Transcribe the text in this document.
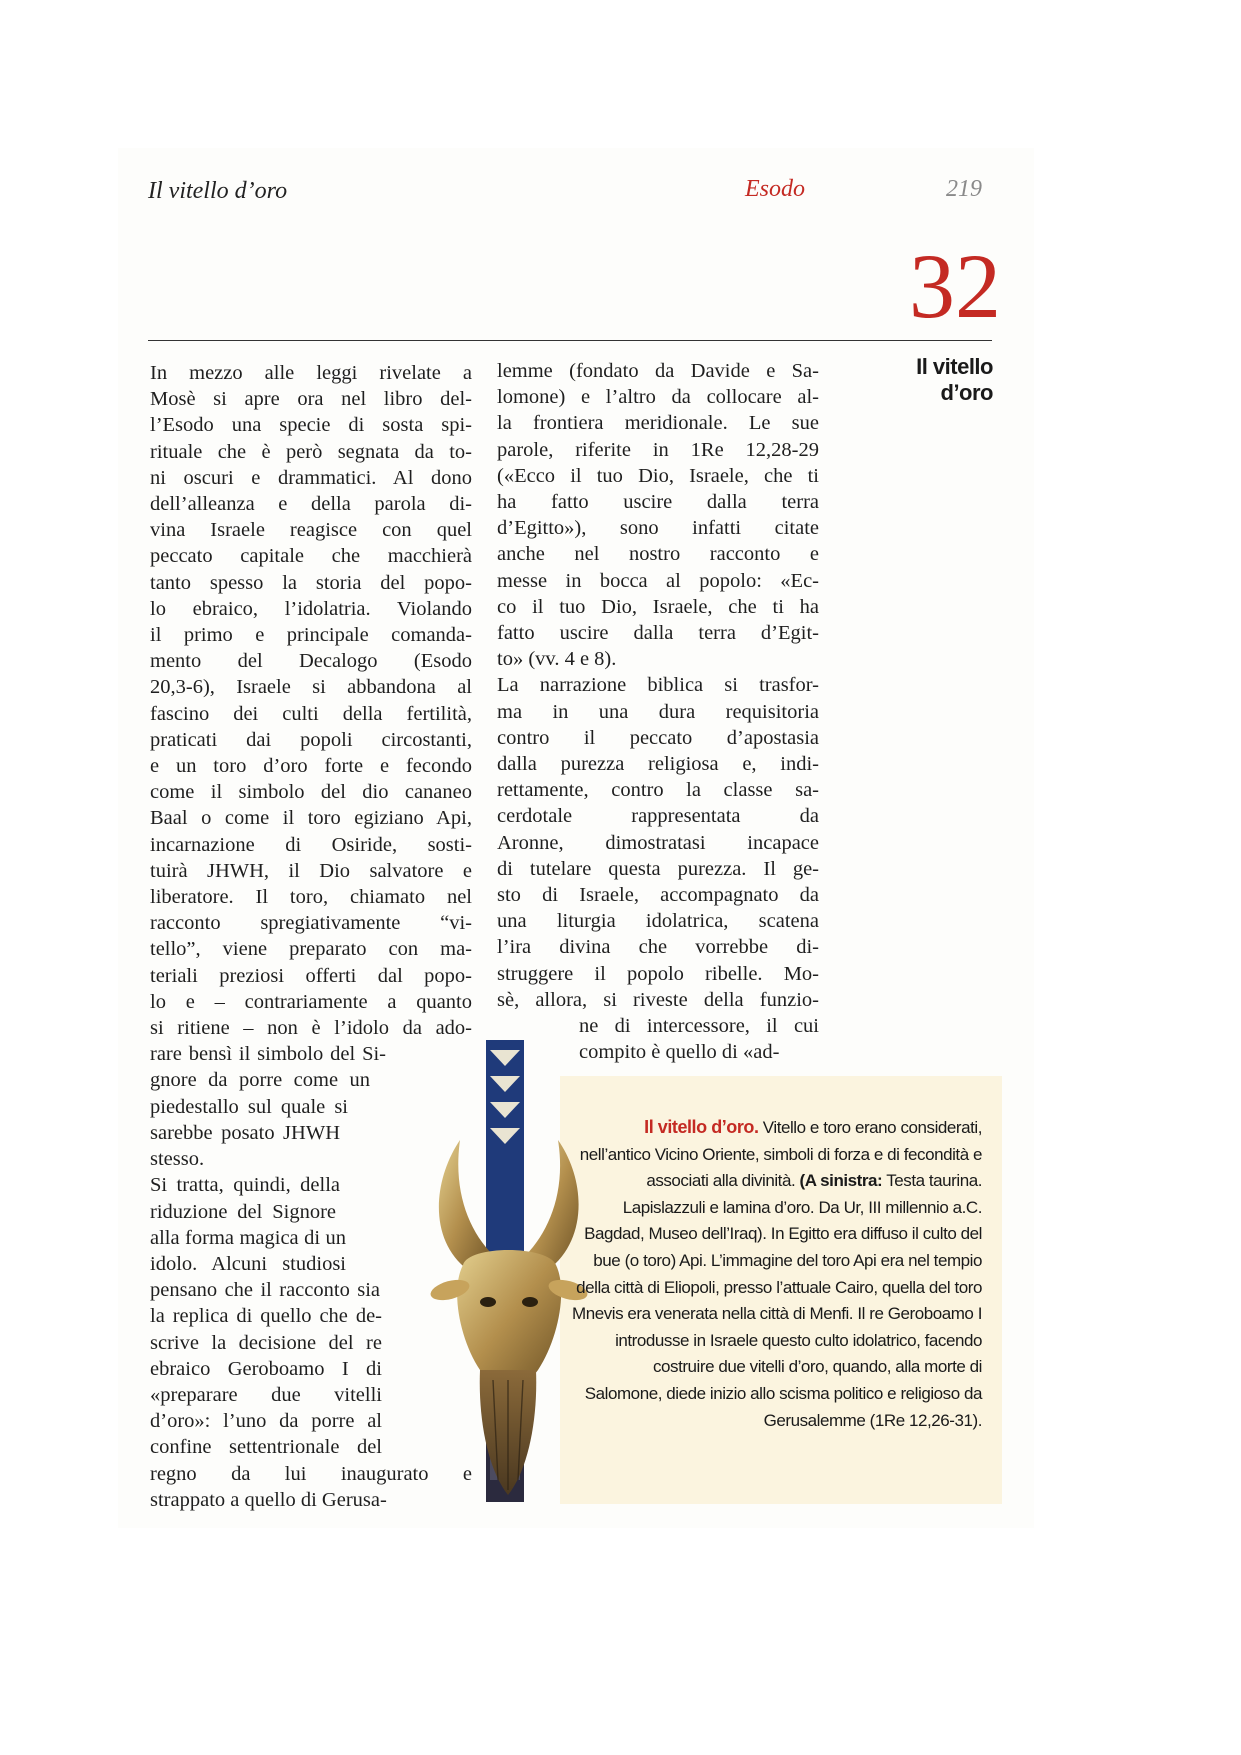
Il vitello d’oro	Esodo	219
32
Il vitello
d’oro
In mezzo alle leggi rivelate a
Mosè si apre ora nel libro del-
l’Esodo una specie di sosta spi-
rituale che è però segnata da to-
ni oscuri e drammatici. Al dono
dell’alleanza e della parola di-
vina Israele reagisce con quel
peccato capitale che macchierà
tanto spesso la storia del popo-
lo ebraico, l’idolatria. Violando
il primo e principale comanda-
mento del Decalogo (Esodo
20,3-6), Israele si abbandona al
fascino dei culti della fertilità,
praticati dai popoli circostanti,
e un toro d’oro forte e fecondo
come il simbolo del dio cananeo
Baal o come il toro egiziano Api,
incarnazione di Osiride, sosti-
tuirà JHWH, il Dio salvatore e
liberatore. Il toro, chiamato nel
racconto spregiativamente “vi-
tello”, viene preparato con ma-
teriali preziosi offerti dal popo-
lo e – contrariamente a quanto
si ritiene – non è l’idolo da ado-
rare bensì il simbolo del Si-
gnore da porre come un
piedestallo sul quale si
sarebbe posato JHWH
stesso.
Si tratta, quindi, della
riduzione del Signore
alla forma magica di un
idolo. Alcuni studiosi
pensano che il racconto sia
la replica di quello che de-
scrive la decisione del re
ebraico Geroboamo I di
«preparare due vitelli
d’oro»: l’uno da porre al
confine settentrionale del
regno da lui inaugurato e
strappato a quello di Gerusa-
lemme (fondato da Davide e Sa-
lomone) e l’altro da collocare al-
la frontiera meridionale. Le sue
parole, riferite in 1Re 12,28-29
(«Ecco il tuo Dio, Israele, che ti
ha fatto uscire dalla terra
d’Egitto»), sono infatti citate
anche nel nostro racconto e
messe in bocca al popolo: «Ec-
co il tuo Dio, Israele, che ti ha
fatto uscire dalla terra d’Egit-
to» (vv. 4 e 8).
La narrazione biblica si trasfor-
ma in una dura requisitoria
contro il peccato d’apostasia
dalla purezza religiosa e, indi-
rettamente, contro la classe sa-
cerdotale rappresentata da
Aronne, dimostratasi incapace
di tutelare questa purezza. Il ge-
sto di Israele, accompagnato da
una liturgia idolatrica, scatena
l’ira divina che vorrebbe di-
struggere il popolo ribelle. Mo-
sè, allora, si riveste della funzio-
ne di intercessore, il cui
compito è quello di «ad-
Il vitello d’oro. Vitello e toro erano considerati, nell’antico Vicino Oriente, simboli di forza e di fecondità e associati alla divinità. (A sinistra: Testa taurina. Lapislazzuli e lamina d’oro. Da Ur, III millennio a.C. Bagdad, Museo dell’Iraq). In Egitto era diffuso il culto del bue (o toro) Api. L’immagine del toro Api era nel tempio della città di Eliopoli, presso l’attuale Cairo, quella del toro Mnevis era venerata nella città di Menfi. Il re Geroboamo I introdusse in Israele questo culto idolatrico, facendo costruire due vitelli d’oro, quando, alla morte di Salomone, diede inizio allo scisma politico e religioso da Gerusalemme (1Re 12,26-31).
